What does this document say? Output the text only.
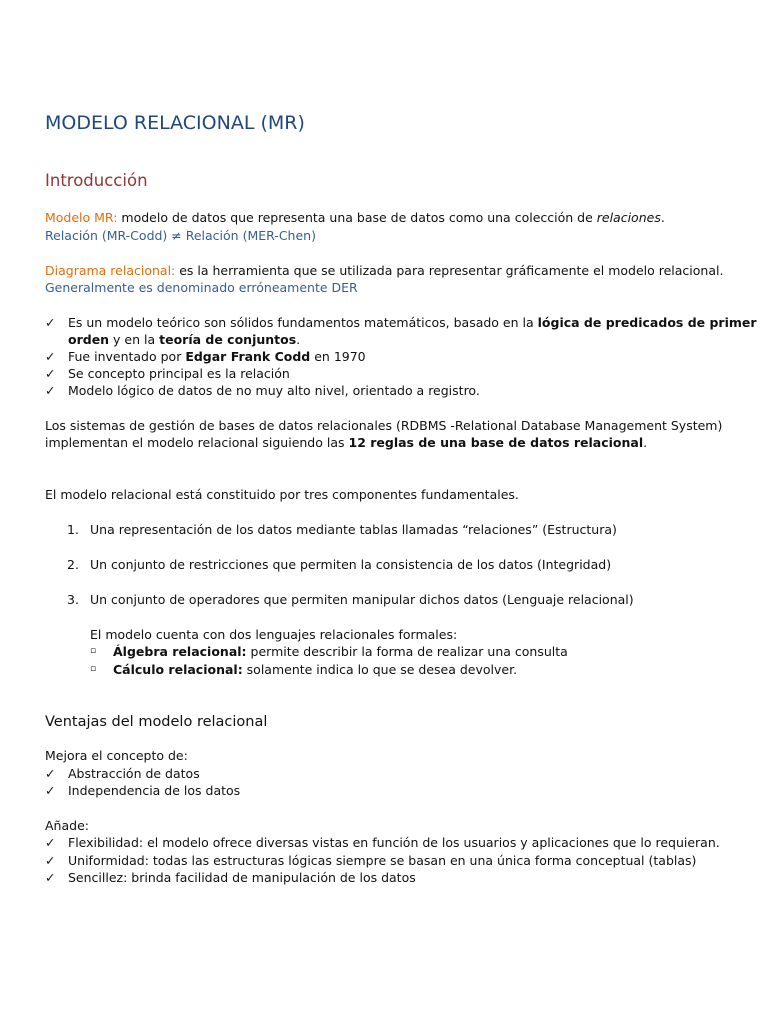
MODELO RELACIONAL (MR)
Introducción
Modelo MR: modelo de datos que representa una base de datos como una colección de relaciones.
Relación (MR-Codd) ≠ Relación (MER-Chen)
Diagrama relacional: es la herramienta que se utilizada para representar gráficamente el modelo relacional.
Generalmente es denominado erróneamente DER
✓ Es un modelo teórico son sólidos fundamentos matemáticos, basado en la lógica de predicados de primer
orden y en la teoría de conjuntos.
✓ Fue inventado por Edgar Frank Codd en 1970
✓ Se concepto principal es la relación
✓ Modelo lógico de datos de no muy alto nivel, orientado a registro.
Los sistemas de gestión de bases de datos relacionales (RDBMS -Relational Database Management System)
implementan el modelo relacional siguiendo las 12 reglas de una base de datos relacional.
El modelo relacional está constituido por tres componentes fundamentales.
1. Una representación de los datos mediante tablas llamadas “relaciones” (Estructura)
2. Un conjunto de restricciones que permiten la consistencia de los datos (Integridad)
3. Un conjunto de operadores que permiten manipular dichos datos (Lenguaje relacional)
El modelo cuenta con dos lenguajes relacionales formales:
▫ Álgebra relacional: permite describir la forma de realizar una consulta
▫ Cálculo relacional: solamente indica lo que se desea devolver.
Ventajas del modelo relacional
Mejora el concepto de:
✓ Abstracción de datos
✓ Independencia de los datos
Añade:
✓ Flexibilidad: el modelo ofrece diversas vistas en función de los usuarios y aplicaciones que lo requieran.
✓ Uniformidad: todas las estructuras lógicas siempre se basan en una única forma conceptual (tablas)
✓ Sencillez: brinda facilidad de manipulación de los datos
